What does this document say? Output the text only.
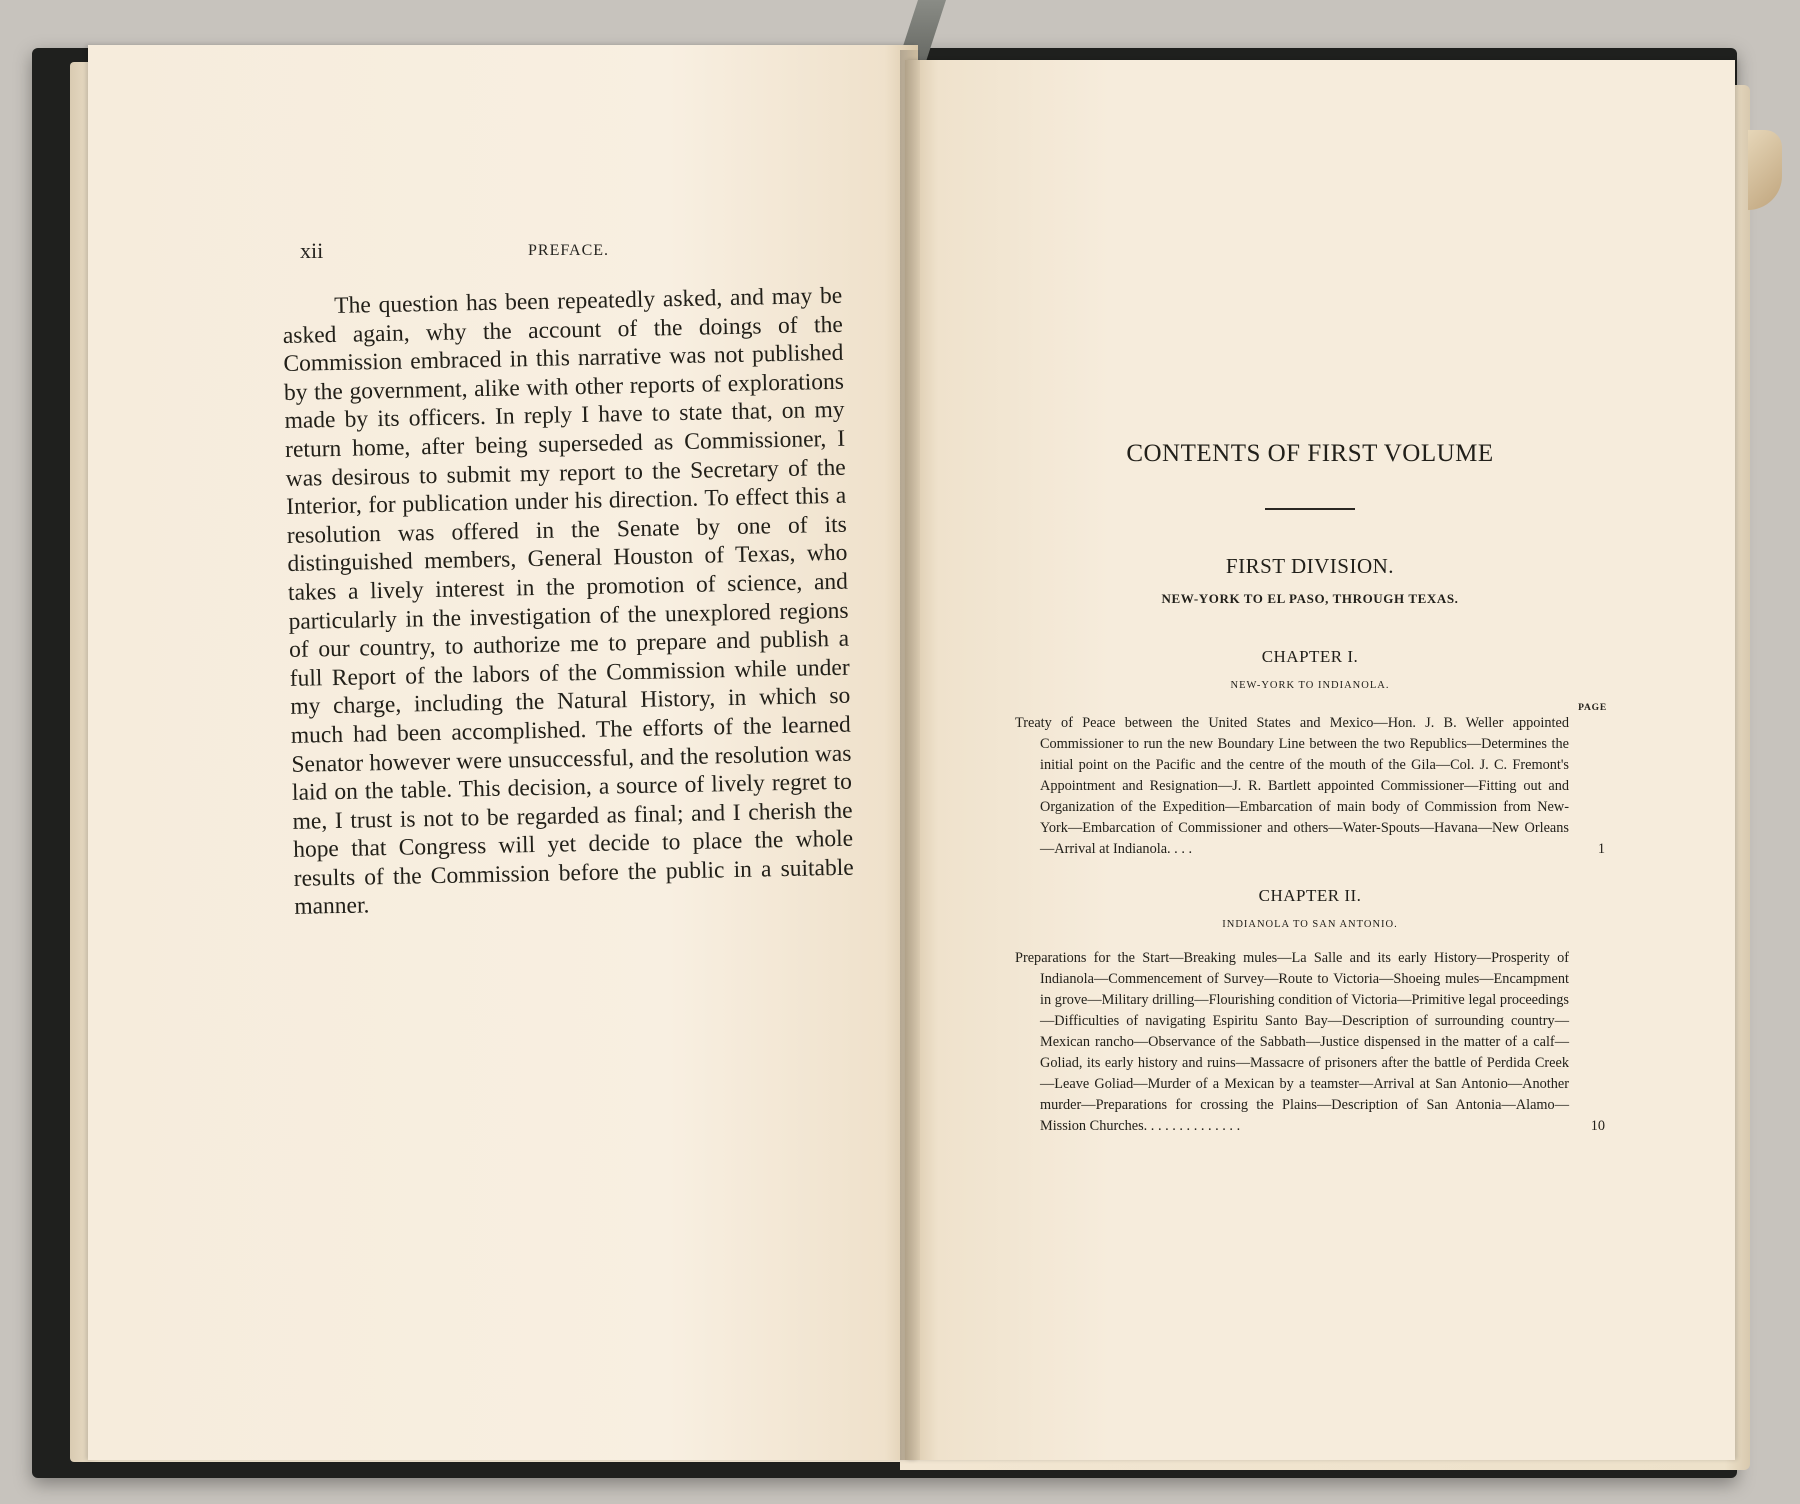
xii	PREFACE.

The question has been repeatedly asked, and may be asked again, why the account of the doings of the Commission embraced in this narrative was not published by the government, alike with other reports of explorations made by its officers. In reply I have to state that, on my return home, after being superseded as Commissioner, I was desirous to submit my report to the Secretary of the Interior, for publication under his direction. To effect this a resolution was offered in the Senate by one of its distinguished members, General Houston of Texas, who takes a lively interest in the promotion of science, and particularly in the investigation of the unexplored regions of our country, to authorize me to prepare and publish a full Report of the labors of the Commission while under my charge, including the Natural History, in which so much had been accomplished. The efforts of the learned Senator however were unsuccessful, and the resolution was laid on the table. This decision, a source of lively regret to me, I trust is not to be regarded as final; and I cherish the hope that Congress will yet decide to place the whole results of the Commission before the public in a suitable manner.

CONTENTS OF FIRST VOLUME

FIRST DIVISION.

NEW-YORK TO EL PASO, THROUGH TEXAS.

CHAPTER I.

NEW-YORK TO INDIANOLA.

PAGE

Treaty of Peace between the United States and Mexico—Hon. J. B. Weller appointed Commissioner to run the new Boundary Line between the two Republics—Determines the initial point on the Pacific and the centre of the mouth of the Gila—Col. J. C. Fremont's Appointment and Resignation—J. R. Bartlett appointed Commissioner—Fitting out and Organization of the Expedition—Embarcation of main body of Commission from New-York—Embarcation of Commissioner and others—Water-Spouts—Havana—New Orleans—Arrival at Indianola. . . .	1

CHAPTER II.

INDIANOLA TO SAN ANTONIO.

Preparations for the Start—Breaking mules—La Salle and its early History—Prosperity of Indianola—Commencement of Survey—Route to Victoria—Shoeing mules—Encampment in grove—Military drilling—Flourishing condition of Victoria—Primitive legal proceedings—Difficulties of navigating Espiritu Santo Bay—Description of surrounding country—Mexican rancho—Observance of the Sabbath—Justice dispensed in the matter of a calf—Goliad, its early history and ruins—Massacre of prisoners after the battle of Perdida Creek—Leave Goliad—Murder of a Mexican by a teamster—Arrival at San Antonio—Another murder—Preparations for crossing the Plains—Description of San Antonia—Alamo—Mission Churches. . . . . . . . . . . . . .	10
